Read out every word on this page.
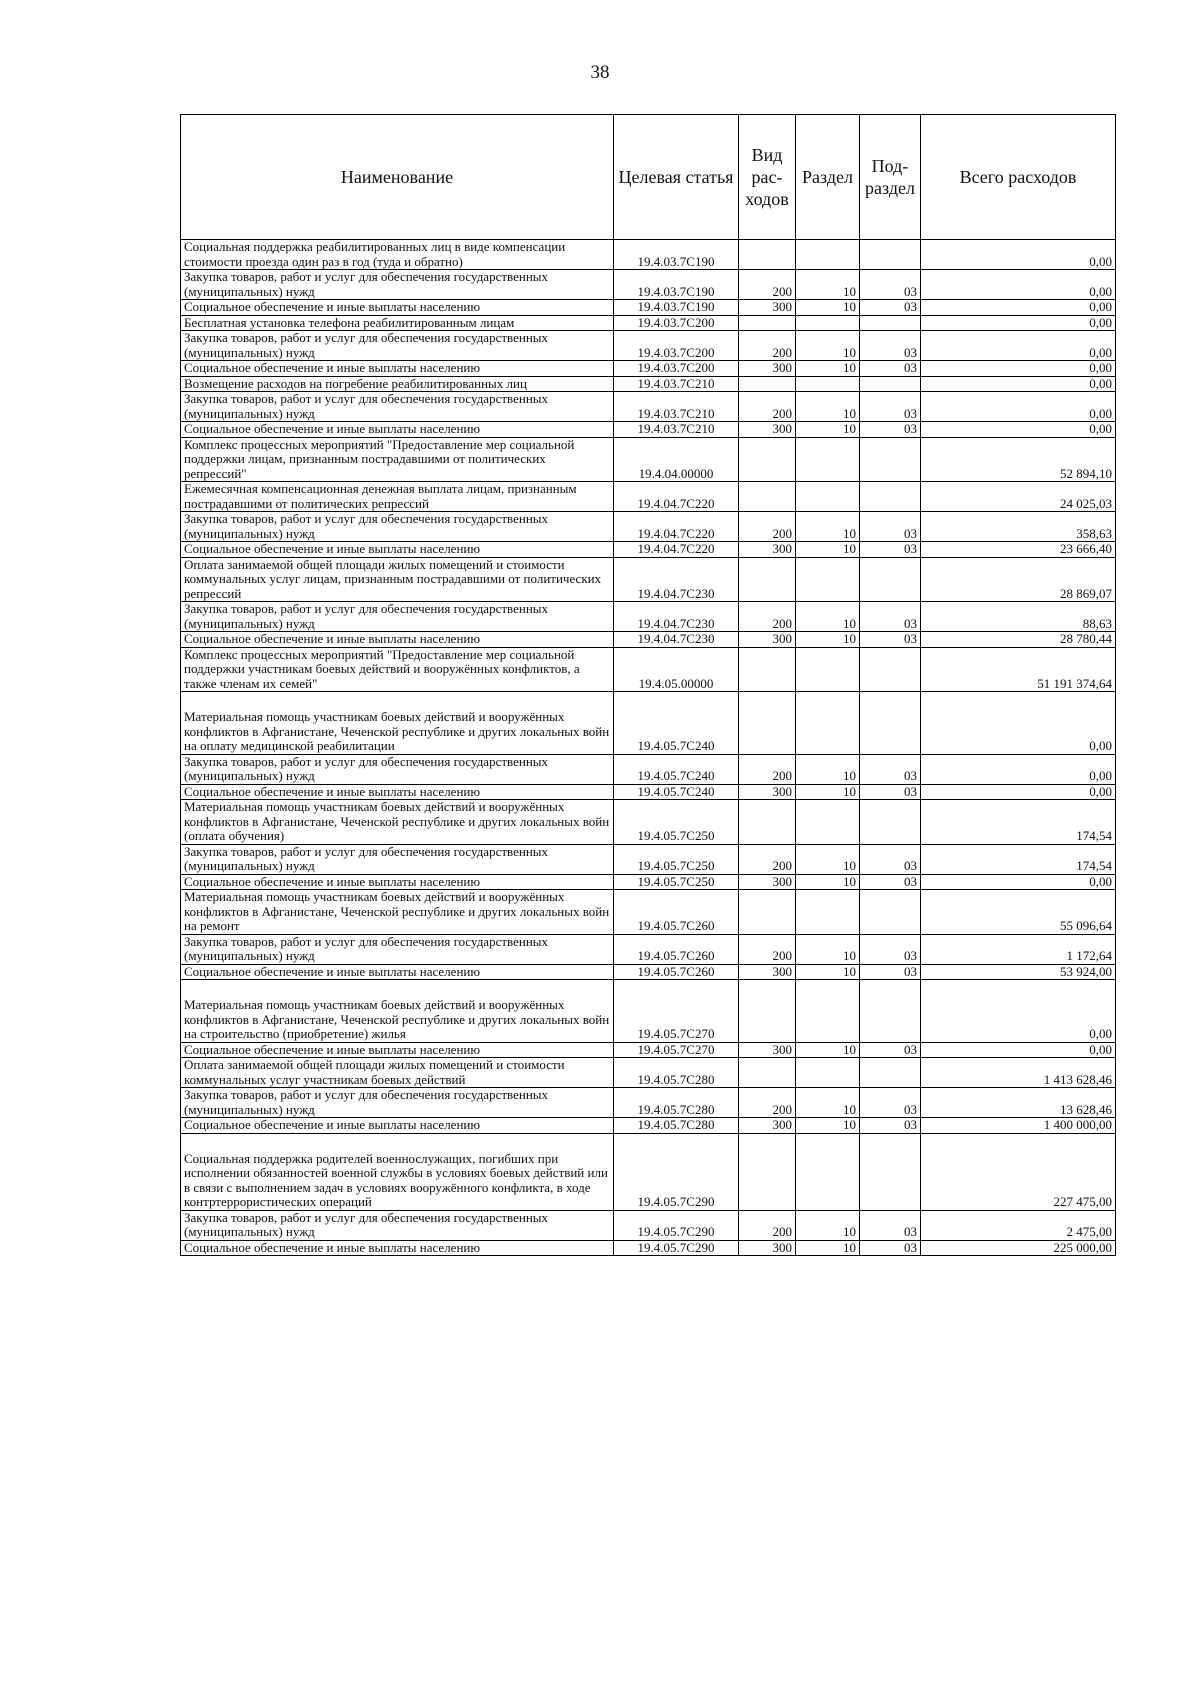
38
Наименование	Целевая статья	Вид рас- ходов	Раздел	Под- раздел	Всего расходов
Социальная поддержка реабилитированных лиц в виде компенсации стоимости проезда один раз в год (туда и обратно)	19.4.03.7С190				0,00
Закупка товаров, работ и услуг для обеспечения государственных (муниципальных) нужд	19.4.03.7С190	200	10	03	0,00
Социальное обеспечение и иные выплаты населению	19.4.03.7С190	300	10	03	0,00
Бесплатная установка телефона реабилитированным лицам	19.4.03.7С200				0,00
Закупка товаров, работ и услуг для обеспечения государственных (муниципальных) нужд	19.4.03.7С200	200	10	03	0,00
Социальное обеспечение и иные выплаты населению	19.4.03.7С200	300	10	03	0,00
Возмещение расходов на погребение реабилитированных лиц	19.4.03.7С210				0,00
Закупка товаров, работ и услуг для обеспечения государственных (муниципальных) нужд	19.4.03.7С210	200	10	03	0,00
Социальное обеспечение и иные выплаты населению	19.4.03.7С210	300	10	03	0,00
Комплекс процессных мероприятий "Предоставление мер социальной поддержки лицам, признанным пострадавшими от политических репрессий"	19.4.04.00000				52 894,10
Ежемесячная компенсационная денежная выплата лицам, признанным пострадавшими от политических репрессий	19.4.04.7С220				24 025,03
Закупка товаров, работ и услуг для обеспечения государственных (муниципальных) нужд	19.4.04.7С220	200	10	03	358,63
Социальное обеспечение и иные выплаты населению	19.4.04.7С220	300	10	03	23 666,40
Оплата занимаемой общей площади жилых помещений и стоимости коммунальных услуг лицам, признанным пострадавшими от политических репрессий	19.4.04.7С230				28 869,07
Закупка товаров, работ и услуг для обеспечения государственных (муниципальных) нужд	19.4.04.7С230	200	10	03	88,63
Социальное обеспечение и иные выплаты населению	19.4.04.7С230	300	10	03	28 780,44
Комплекс процессных мероприятий "Предоставление мер социальной поддержки участникам боевых действий и вооружённых конфликтов, а также членам их семей"	19.4.05.00000				51 191 374,64
Материальная помощь участникам боевых действий и вооружённых конфликтов в Афганистане, Чеченской республике и других локальных войн на оплату медицинской реабилитации	19.4.05.7С240				0,00
Закупка товаров, работ и услуг для обеспечения государственных (муниципальных) нужд	19.4.05.7С240	200	10	03	0,00
Социальное обеспечение и иные выплаты населению	19.4.05.7С240	300	10	03	0,00
Материальная помощь участникам боевых действий и вооружённых конфликтов в Афганистане, Чеченской республике и других локальных войн (оплата обучения)	19.4.05.7С250				174,54
Закупка товаров, работ и услуг для обеспечения государственных (муниципальных) нужд	19.4.05.7С250	200	10	03	174,54
Социальное обеспечение и иные выплаты населению	19.4.05.7С250	300	10	03	0,00
Материальная помощь участникам боевых действий и вооружённых конфликтов в Афганистане, Чеченской республике и других локальных войн на ремонт	19.4.05.7С260				55 096,64
Закупка товаров, работ и услуг для обеспечения государственных (муниципальных) нужд	19.4.05.7С260	200	10	03	1 172,64
Социальное обеспечение и иные выплаты населению	19.4.05.7С260	300	10	03	53 924,00
Материальная помощь участникам боевых действий и вооружённых конфликтов в Афганистане, Чеченской республике и других локальных войн на строительство (приобретение) жилья	19.4.05.7С270				0,00
Социальное обеспечение и иные выплаты населению	19.4.05.7С270	300	10	03	0,00
Оплата занимаемой общей площади жилых помещений и стоимости коммунальных услуг участникам боевых действий	19.4.05.7С280				1 413 628,46
Закупка товаров, работ и услуг для обеспечения государственных (муниципальных) нужд	19.4.05.7С280	200	10	03	13 628,46
Социальное обеспечение и иные выплаты населению	19.4.05.7С280	300	10	03	1 400 000,00
Социальная поддержка родителей военнослужащих, погибших при исполнении обязанностей военной службы в условиях боевых действий или в связи с выполнением задач в условиях вооружённого конфликта, в ходе контртеррористических операций	19.4.05.7С290				227 475,00
Закупка товаров, работ и услуг для обеспечения государственных (муниципальных) нужд	19.4.05.7С290	200	10	03	2 475,00
Социальное обеспечение и иные выплаты населению	19.4.05.7С290	300	10	03	225 000,00
